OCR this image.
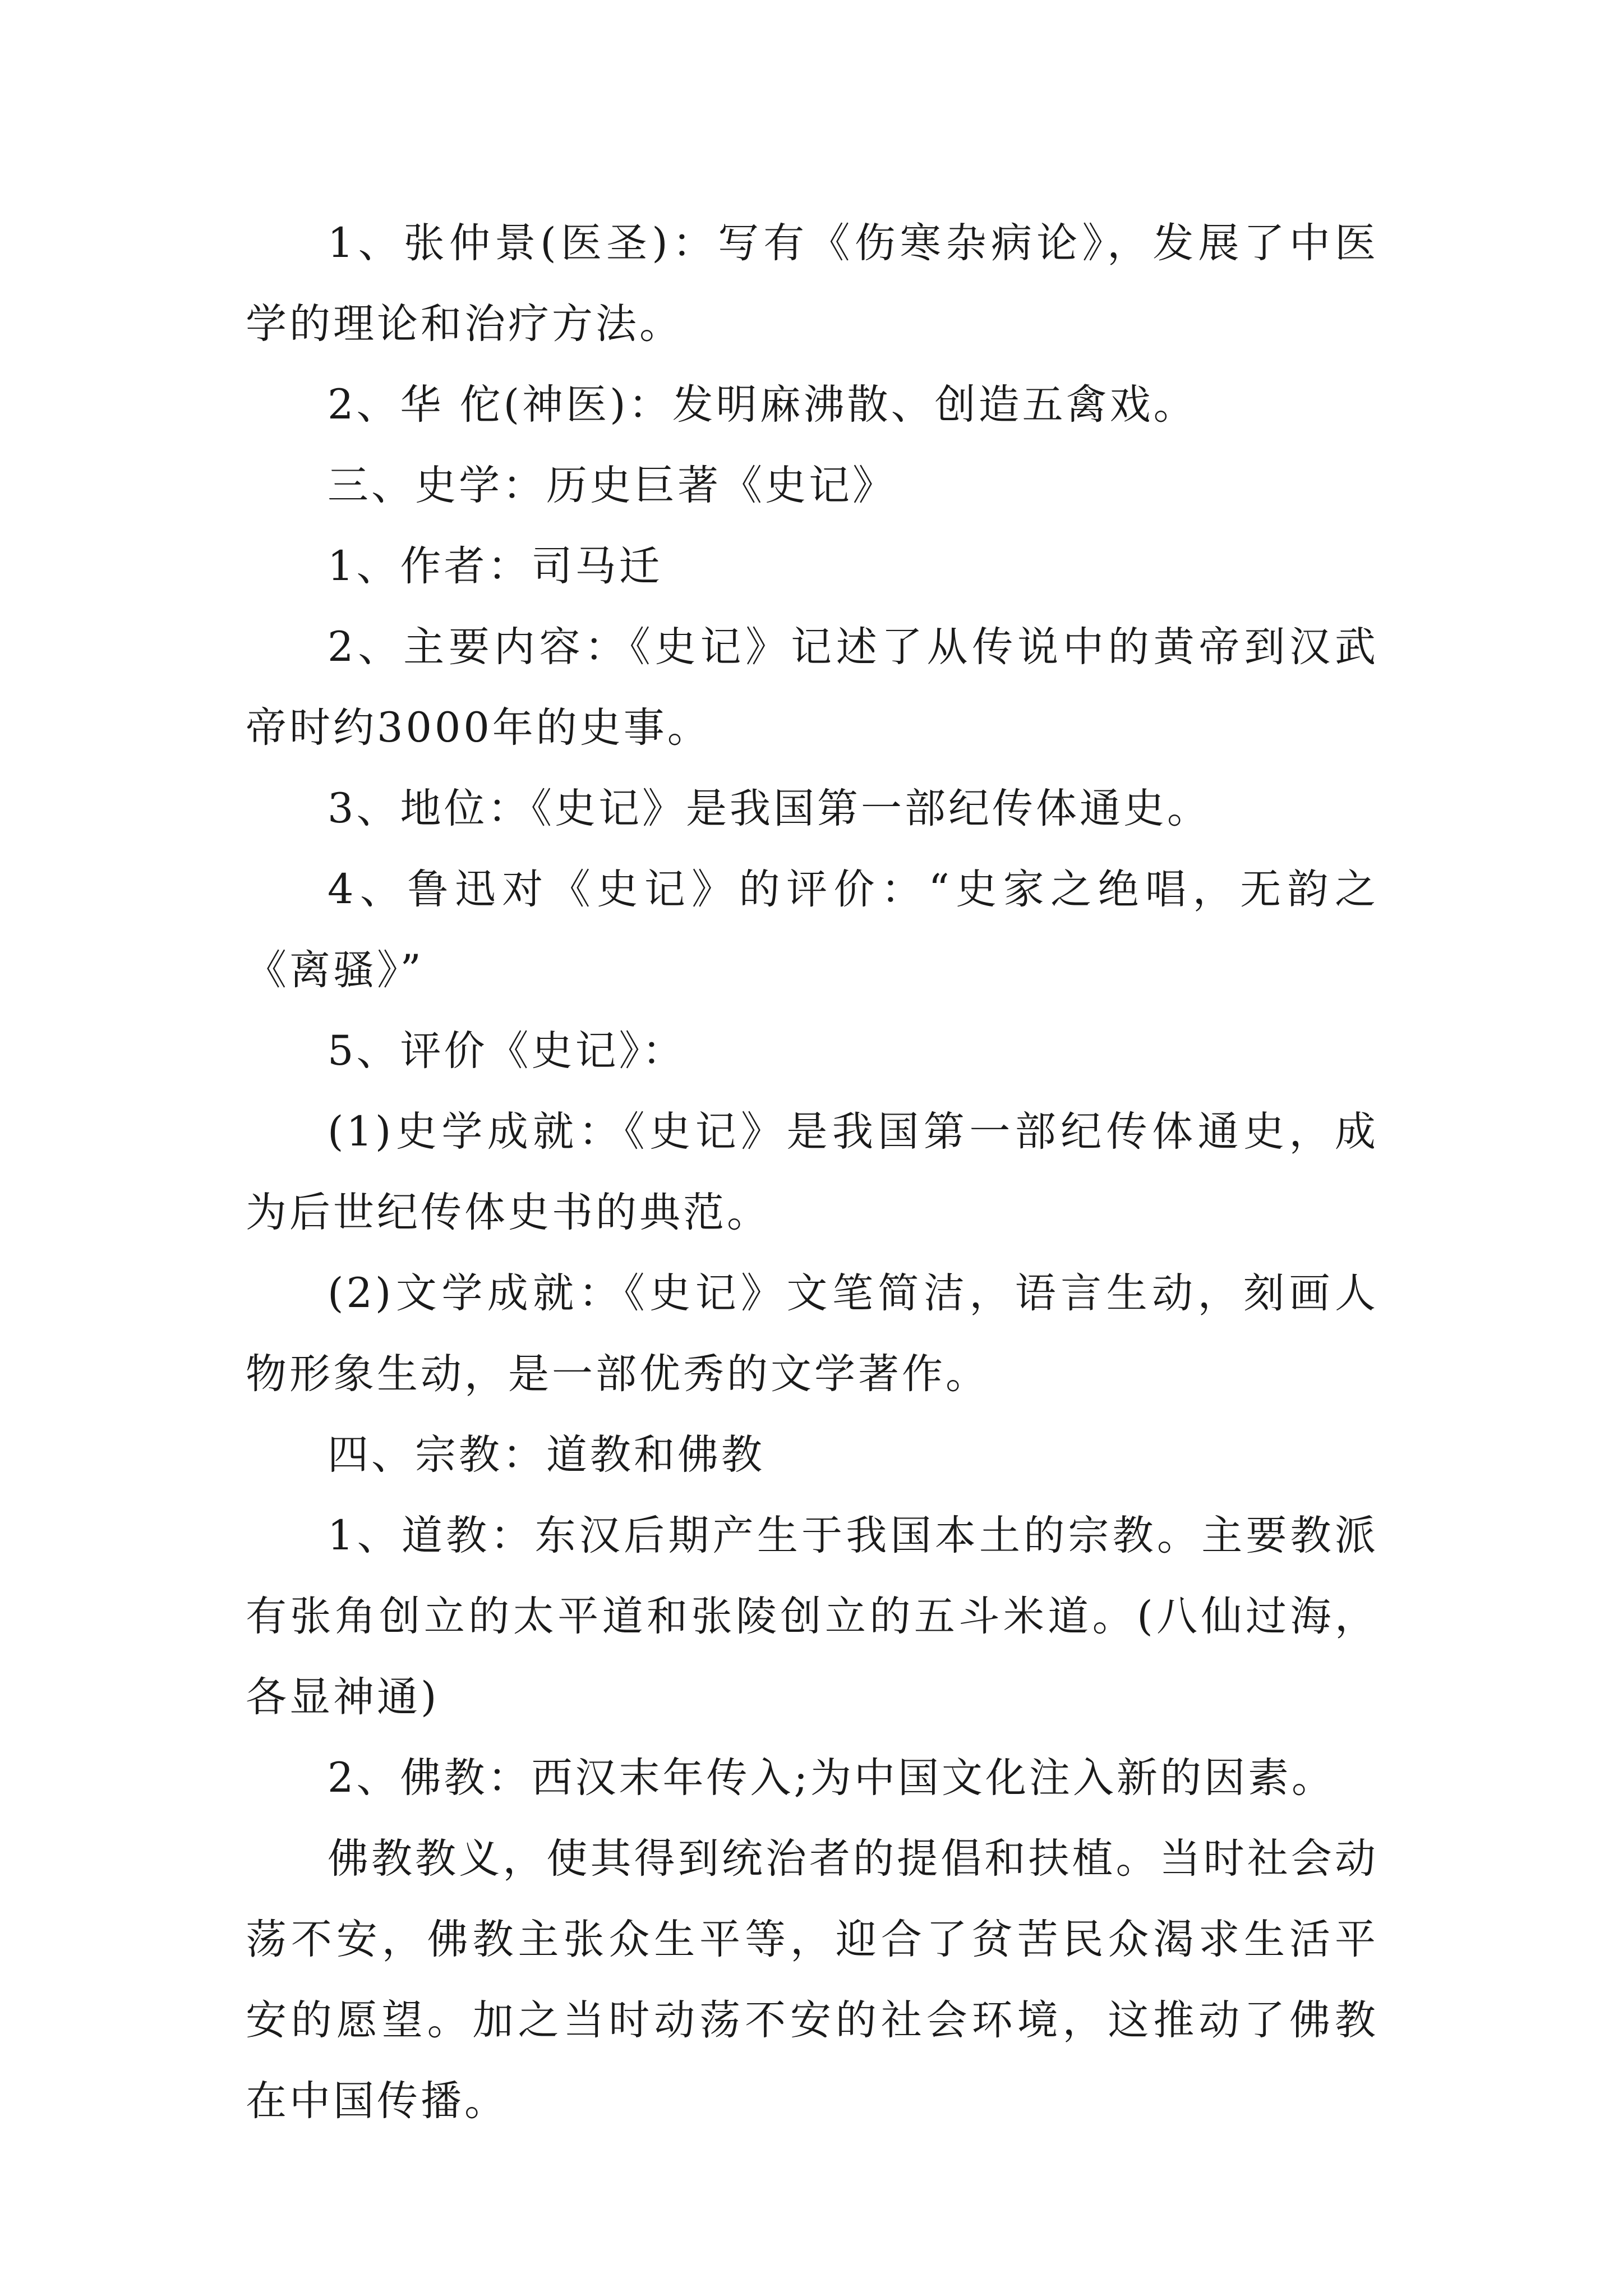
1、张仲景(医圣)：写有《伤寒杂病论》，发展了中医学的理论和治疗方法。

2、华 佗(神医)：发明麻沸散、创造五禽戏。

三、史学：历史巨著《史记》

1、作者：司马迁

2、主要内容：《史记》记述了从传说中的黄帝到汉武帝时约3000年的史事。

3、地位：《史记》是我国第一部纪传体通史。

4、鲁迅对《史记》的评价：“史家之绝唱，无韵之《离骚》”

5、评价《史记》：

(1)史学成就：《史记》是我国第一部纪传体通史，成为后世纪传体史书的典范。

(2)文学成就：《史记》文笔简洁，语言生动，刻画人物形象生动，是一部优秀的文学著作。

四、宗教：道教和佛教

1、道教：东汉后期产生于我国本土的宗教。主要教派有张角创立的太平道和张陵创立的五斗米道。(八仙过海，各显神通)

2、佛教：西汉末年传入;为中国文化注入新的因素。

佛教教义，使其得到统治者的提倡和扶植。当时社会动荡不安，佛教主张众生平等，迎合了贫苦民众渴求生活平安的愿望。加之当时动荡不安的社会环境，这推动了佛教在中国传播。
